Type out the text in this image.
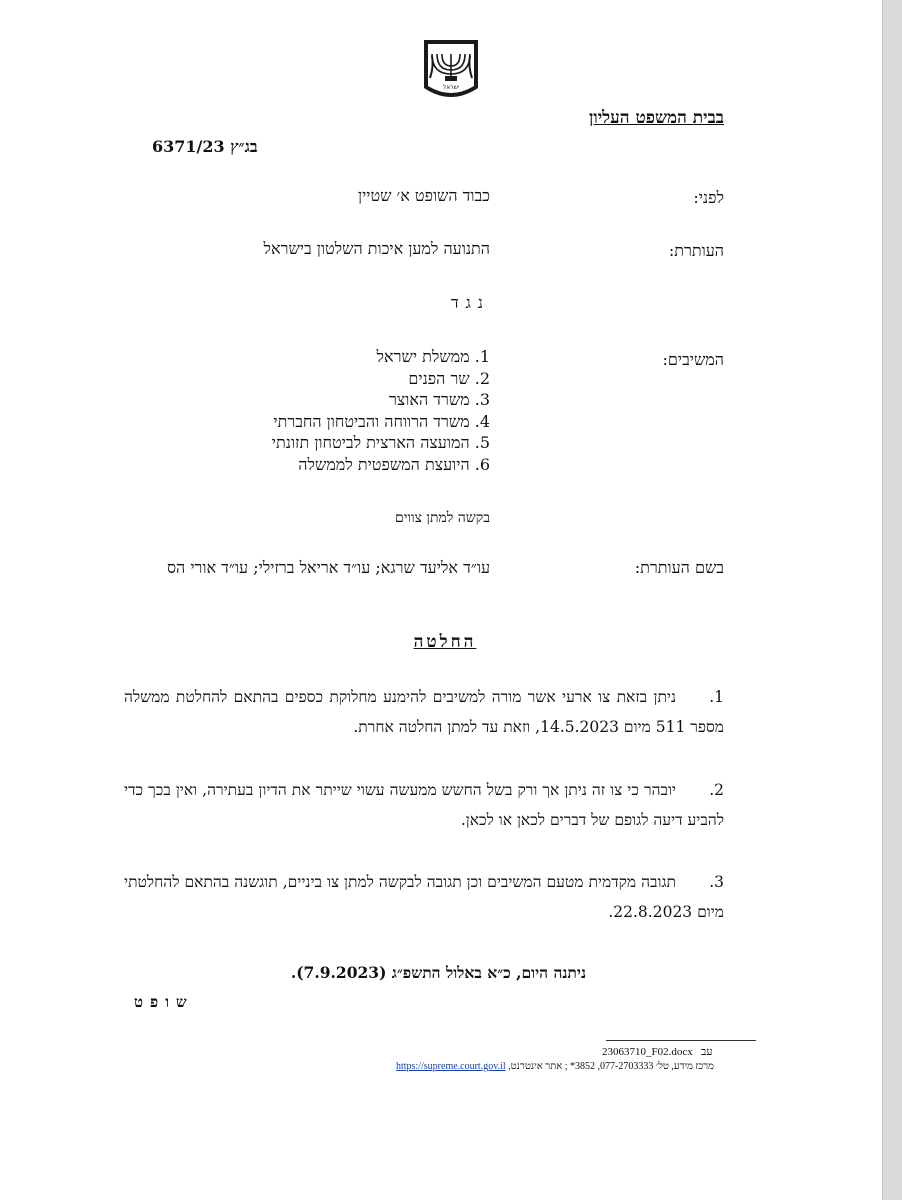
ישראל
בבית המשפט העליון
בג״ץ 6371/23
לפני:
כבוד השופט א׳ שטיין
העותרת:
התנועה למען איכות השלטון בישראל
נגד
המשיבים:
1. ממשלת ישראל
2. שר הפנים
3. משרד האוצר
4. משרד הרווחה והביטחון החברתי
5. המועצה הארצית לביטחון תזונתי
6. היועצת המשפטית לממשלה
בקשה למתן צווים
בשם העותרת:
עו״ד אליעד שרגא; עו״ד אריאל ברזילי; עו״ד אורי הס
החלטה
1.ניתן בזאת צו ארעי אשר מורה למשיבים להימנע מחלוקת כספים בהתאם להחלטת ממשלה מספר 511 מיום 14.5.2023, וזאת עד למתן החלטה אחרת.
2.יובהר כי צו זה ניתן אך ורק בשל החשש ממעשה עשוי שייתר את הדיון בעתירה, ואין בכך כדי להביע דיעה לגופם של דברים לכאן או לכאן.
3.תגובה מקדמית מטעם המשיבים וכן תגובה לבקשה למתן צו ביניים, תוגשנה בהתאם להחלטתי מיום 22.8.2023.
ניתנה היום, כ״א באלול התשפ״ג (7.9.2023).
שופט
23063710_F02.docx עב
מרכז מידע, טל׳ 077-2703333, 3852* ; אתר אינטרנט, https://supreme.court.gov.il
